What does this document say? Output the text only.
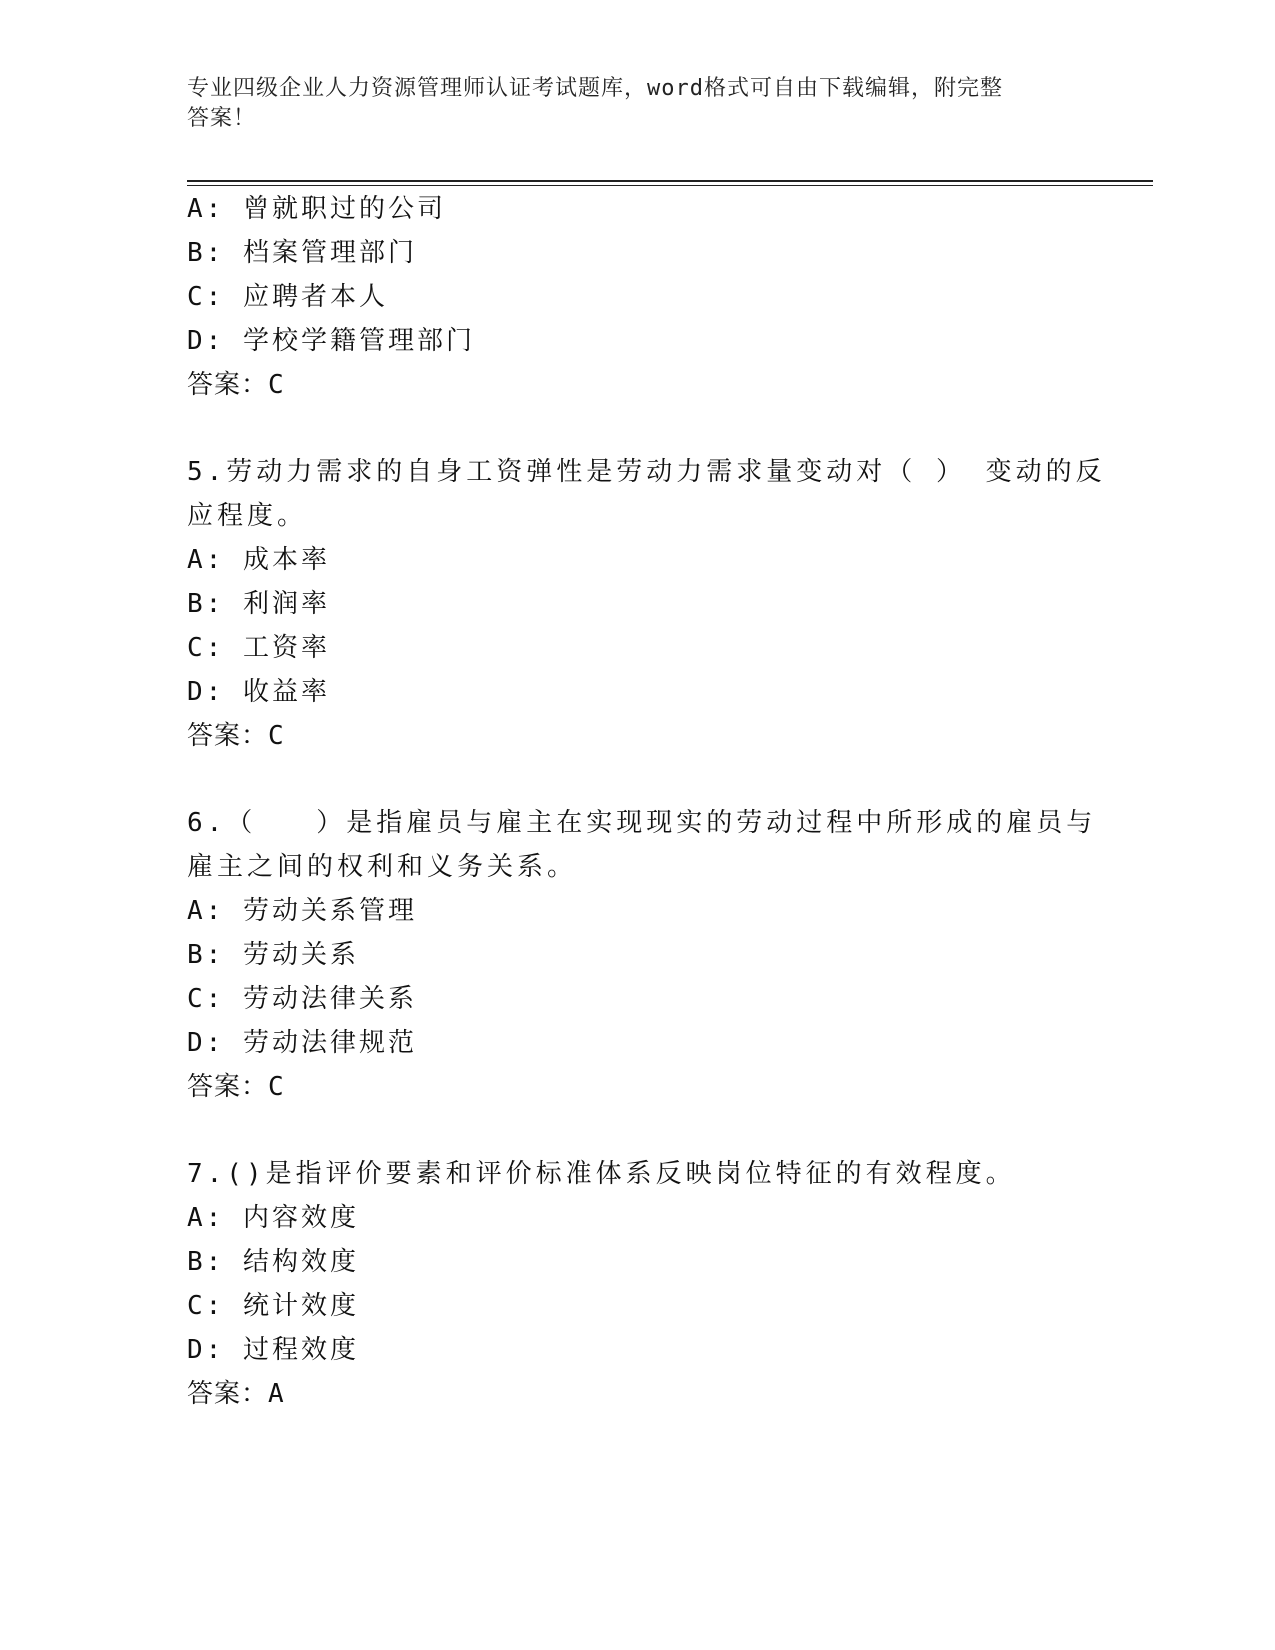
专业四级企业人力资源管理师认证考试题库，word格式可自由下载编辑，附完整
答案！
A: 曾就职过的公司
B: 档案管理部门
C: 应聘者本人
D: 学校学籍管理部门
答案：C
5.劳动力需求的自身工资弹性是劳动力需求量变动对（ ） 变动的反
应程度。
A: 成本率
B: 利润率
C: 工资率
D: 收益率
答案：C
6.（　　）是指雇员与雇主在实现现实的劳动过程中所形成的雇员与
雇主之间的权利和义务关系。
A: 劳动关系管理
B: 劳动关系
C: 劳动法律关系
D: 劳动法律规范
答案：C
7.()是指评价要素和评价标准体系反映岗位特征的有效程度。
A: 内容效度
B: 结构效度
C: 统计效度
D: 过程效度
答案：A
